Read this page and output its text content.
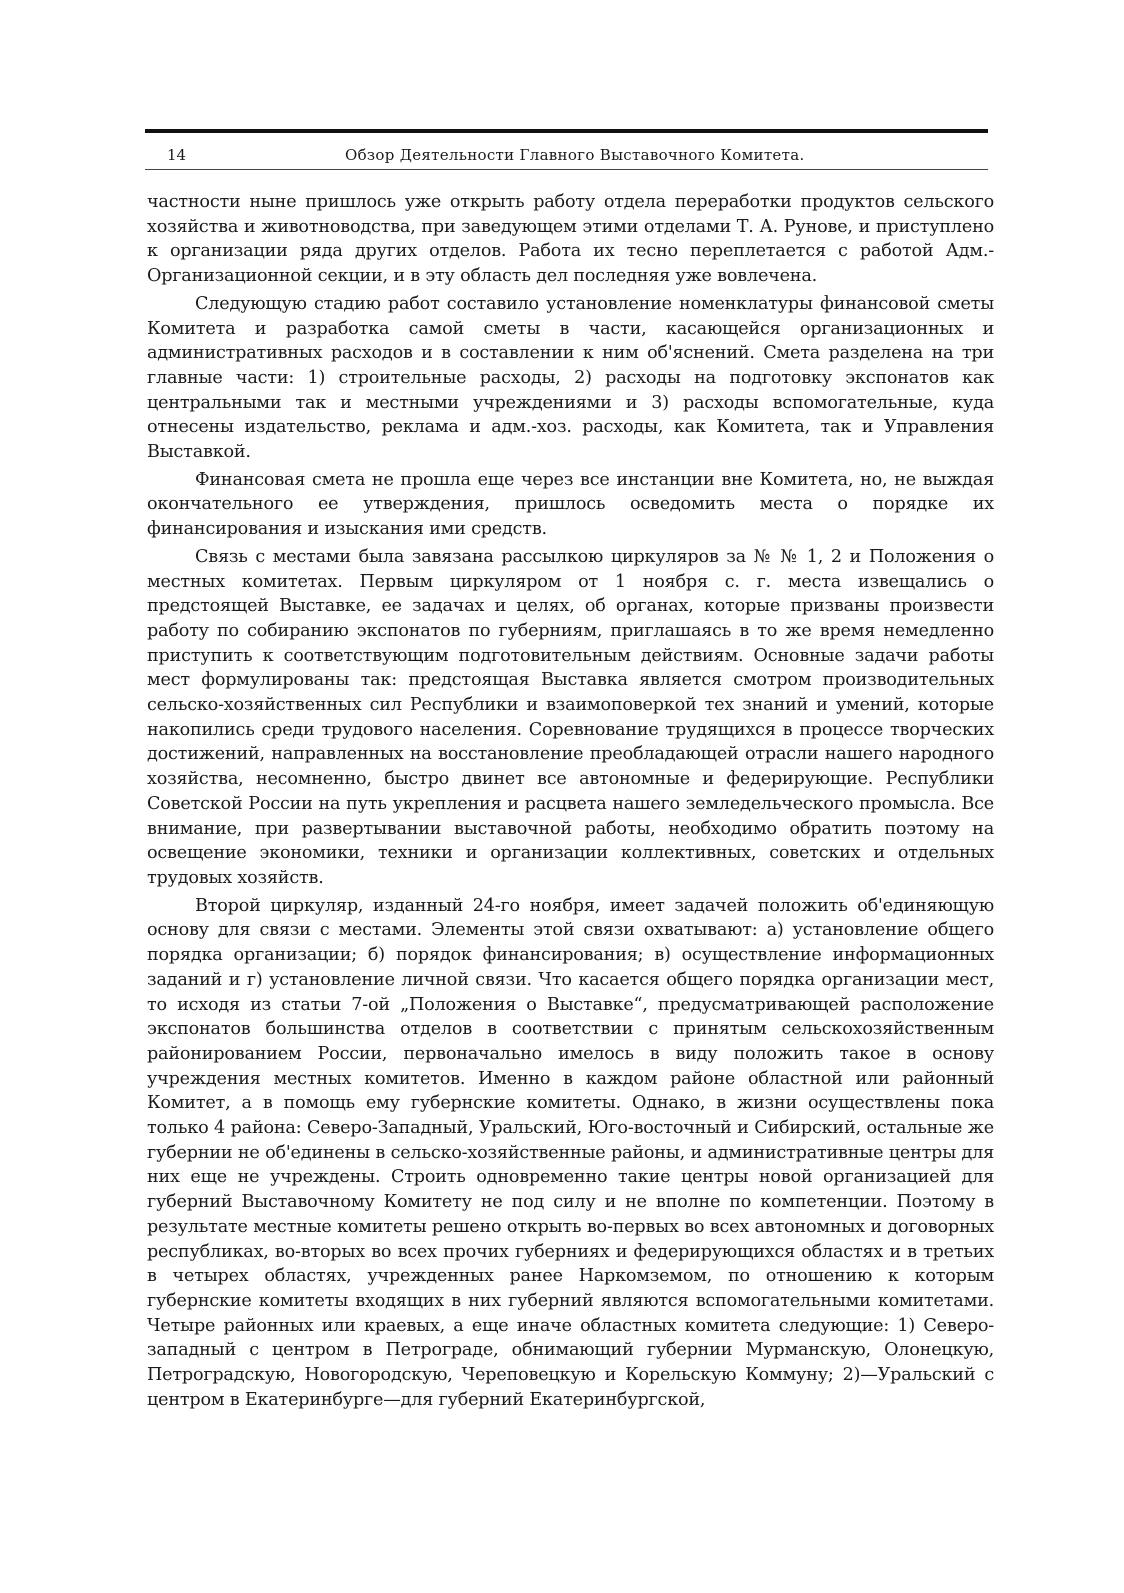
14	Обзор Деятельности Главного Выставочного Комитета.

частности ныне пришлось уже открыть работу отдела переработки продуктов сельского хозяйства и животноводства, при заведующем этими отделами Т. А. Рунове, и приступлено к организации ряда других отделов. Работа их тесно переплетается с работой Адм.-Организационной секции, и в эту область дел последняя уже вовлечена.

Следующую стадию работ составило установление номенклатуры финансовой сметы Комитета и разработка самой сметы в части, касающейся организационных и административных расходов и в составлении к ним об'яснений. Смета разделена на три главные части: 1) строительные расходы, 2) расходы на подготовку экспонатов как центральными так и местными учреждениями и 3) расходы вспомогательные, куда отнесены издательство, реклама и адм.-хоз. расходы, как Комитета, так и Управления Выставкой.

Финансовая смета не прошла еще через все инстанции вне Комитета, но, не выждая окончательного ее утверждения, пришлось осведомить места о порядке их финансирования и изыскания ими средств.

Связь с местами была завязана рассылкою циркуляров за № № 1, 2 и Положения о местных комитетах. Первым циркуляром от 1 ноября с. г. места извещались о предстоящей Выставке, ее задачах и целях, об органах, которые призваны произвести работу по собиранию экспонатов по губерниям, приглашаясь в то же время немедленно приступить к соответствующим подготовительным действиям. Основные задачи работы мест формулированы так: предстоящая Выставка является смотром производительных сельско-хозяйственных сил Республики и взаимоповеркой тех знаний и умений, которые накопились среди трудового населения. Соревнование трудящихся в процессе творческих достижений, направленных на восстановление преобладающей отрасли нашего народного хозяйства, несомненно, быстро двинет все автономные и федерирующие. Республики Советской России на путь укрепления и расцвета нашего земледельческого промысла. Все внимание, при развертывании выставочной работы, необходимо обратить поэтому на освещение экономики, техники и организации коллективных, советских и отдельных трудовых хозяйств.

Второй циркуляр, изданный 24-го ноября, имеет задачей положить об'единяющую основу для связи с местами. Элементы этой связи охватывают: а) установление общего порядка организации; б) порядок финансирования; в) осуществление информационных заданий и г) установление личной связи. Что касается общего порядка организации мест, то исходя из статьи 7-ой „Положения о Выставке“, предусматривающей расположение экспонатов большинства отделов в соответствии с принятым сельскохозяйственным районированием России, первоначально имелось в виду положить такое в основу учреждения местных комитетов. Именно в каждом районе областной или районный Комитет, а в помощь ему губернские комитеты. Однако, в жизни осуществлены пока только 4 района: Северо-Западный, Уральский, Юго-восточный и Сибирский, остальные же губернии не об'единены в сельско-хозяйственные районы, и административные центры для них еще не учреждены. Строить одновременно такие центры новой организацией для губерний Выставочному Комитету не под силу и не вполне по компетенции. Поэтому в результате местные комитеты решено открыть во-первых во всех автономных и договорных республиках, во-вторых во всех прочих губерниях и федерирующихся областях и в третьих в четырех областях, учрежденных ранее Наркомземом, по отношению к которым губернские комитеты входящих в них губерний являются вспомогательными комитетами. Четыре районных или краевых, а еще иначе областных комитета следующие: 1) Северо-западный с центром в Петрограде, обнимающий губернии Мурманскую, Олонецкую, Петроградскую, Новогородскую, Череповецкую и Корельскую Коммуну; 2)—Уральский с центром в Екатеринбурге—для губерний Екатеринбургской,
